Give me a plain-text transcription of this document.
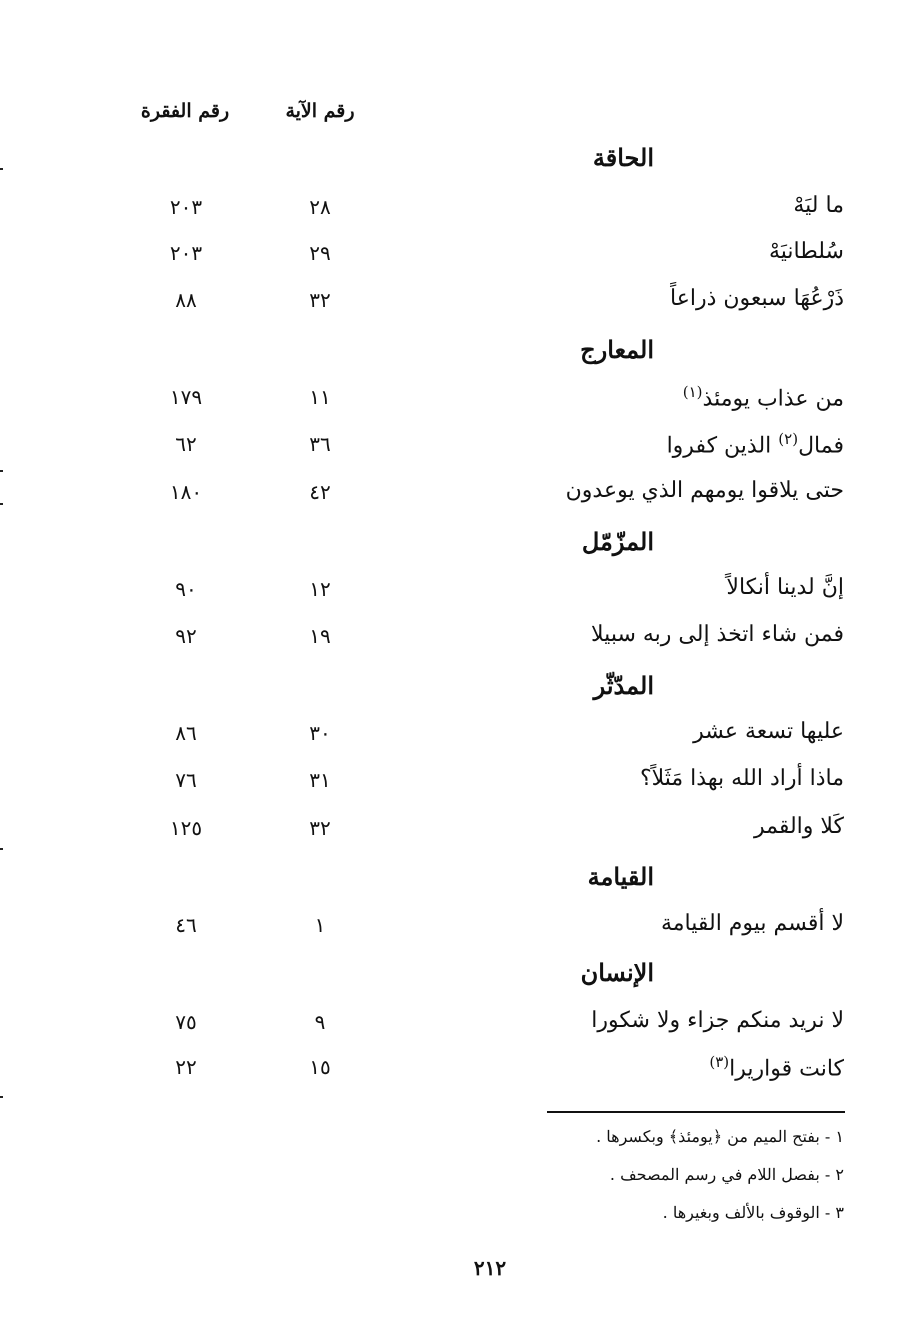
رقم الآية
رقم الفقرة
الحاقة
ما ليَهْ
٢٨
٢٠٣
سُلطانيَهْ
٢٩
٢٠٣
ذَرْعُهَا سبعون ذراعاً
٣٢
٨٨
المعارج
من عذاب يومئذ$^{(١)}$
١١
١٧٩
فمال$^{(٢)}$ الذين كفروا
٣٦
٦٢
حتى يلاقوا يومهم الذي يوعدون
٤٢
١٨٠
المزّمّل
إنَّ لدينا أنكالاً
١٢
٩٠
فمن شاء اتخذ إلى ربه سبيلا
١٩
٩٢
المدّثّر
عليها تسعة عشر
٣٠
٨٦
ماذا أراد الله بهذا مَثَلاً؟
٣١
٧٦
كَلا والقمر
٣٢
١٢٥
القيامة
لا أقسم بيوم القيامة
١
٤٦
الإنسان
لا نريد منكم جزاء ولا شكورا
٩
٧٥
كانت قواريرا$^{(٣)}$
١٥
٢٢
١ - بفتح الميم من ﴿يومئذ﴾ وبكسرها .
٢ - بفصل اللام في رسم المصحف .
٣ - الوقوف بالألف وبغيرها .
٢١٢
